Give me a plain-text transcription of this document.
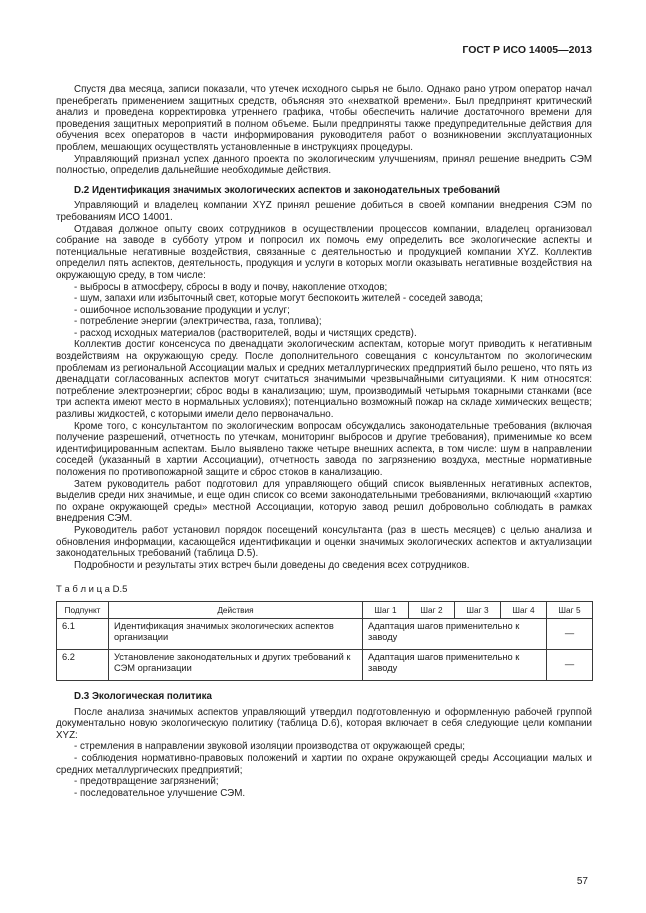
ГОСТ Р ИСО 14005—2013

Спустя два месяца, записи показали, что утечек исходного сырья не было. Однако рано утром оператор начал пренебрегать применением защитных средств, объясняя это «нехваткой времени». Был предпринят критический анализ и проведена корректировка утреннего графика, чтобы обеспечить наличие достаточного времени для проведения защитных мероприятий в полном объеме. Были предприняты также предупредительные действия для обучения всех операторов в части информирования руководителя работ о возникновении эксплуатационных проблем, мешающих осуществлять установленные в инструкциях процедуры.

Управляющий признал успех данного проекта по экологическим улучшениям, принял решение внедрить СЭМ полностью, определив дальнейшие необходимые действия.

D.2 Идентификация значимых экологических аспектов и законодательных требований

Управляющий и владелец компании XYZ принял решение добиться в своей компании внедрения СЭМ по требованиям ИСО 14001.

Отдавая должное опыту своих сотрудников в осуществлении процессов компании, владелец организовал собрание на заводе в субботу утром и попросил их помочь ему определить все экологические аспекты и потенциальные негативные воздействия, связанные с деятельностью и продукцией компании XYZ. Коллектив определил пять аспектов, деятельность, продукция и услуги в которых могли оказывать негативные воздействия на окружающую среду, в том числе:

- выбросы в атмосферу, сбросы в воду и почву, накопление отходов;

- шум, запахи или избыточный свет, которые могут беспокоить жителей - соседей завода;

- ошибочное использование продукции и услуг;

- потребление энергии (электричества, газа, топлива);

- расход исходных материалов (растворителей, воды и чистящих средств).

Коллектив достиг консенсуса по двенадцати экологическим аспектам, которые могут приводить к негативным воздействиям на окружающую среду. После дополнительного совещания с консультантом по экологическим проблемам из региональной Ассоциации малых и средних металлургических предприятий было решено, что пять из двенадцати согласованных аспектов могут считаться значимыми чрезвычайными ситуациями. К ним относятся: потребление электроэнергии; сброс воды в канализацию; шум, производимый четырьмя токарными станками (все три аспекта имеют место в нормальных условиях); потенциально возможный пожар на складе химических веществ; разливы жидкостей, с которыми имели дело первоначально.

Кроме того, с консультантом по экологическим вопросам обсуждались законодательные требования (включая получение разрешений, отчетность по утечкам, мониторинг выбросов и другие требования), применимые ко всем идентифицированным аспектам. Было выявлено также четыре внешних аспекта, в том числе: шум в направлении соседей (указанный в хартии Ассоциации), отчетность завода по загрязнению воздуха, местные нормативные положения по противопожарной защите и сброс стоков в канализацию.

Затем руководитель работ подготовил для управляющего общий список выявленных негативных аспектов, выделив среди них значимые, и еще один список со всеми законодательными требованиями, включающий «хартию по охране окружающей среды» местной Ассоциации, которую завод решил добровольно соблюдать в рамках внедрения СЭМ.

Руководитель работ установил порядок посещений консультанта (раз в шесть месяцев) с целью анализа и обновления информации, касающейся идентификации и оценки значимых экологических аспектов и актуализации законодательных требований (таблица D.5).

Подробности и результаты этих встреч были доведены до сведения всех сотрудников.

Т а б л и ц а D.5

Подпункт	Действия	Шаг 1	Шаг 2	Шаг 3	Шаг 4	Шаг 5
6.1	Идентификация значимых экологических аспектов организации	Адаптация шагов применительно к заводу				—
6.2	Установление законодательных и других требований к СЭМ организации	Адаптация шагов применительно к заводу				—

D.3 Экологическая политика

После анализа значимых аспектов управляющий утвердил подготовленную и оформленную рабочей группой документально новую экологическую политику (таблица D.6), которая включает в себя следующие цели компании XYZ:

- стремления в направлении звуковой изоляции производства от окружающей среды;

- соблюдения нормативно-правовых положений и хартии по охране окружающей среды Ассоциации малых и средних металлургических предприятий;

- предотвращение загрязнений;

- последовательное улучшение СЭМ.

57
